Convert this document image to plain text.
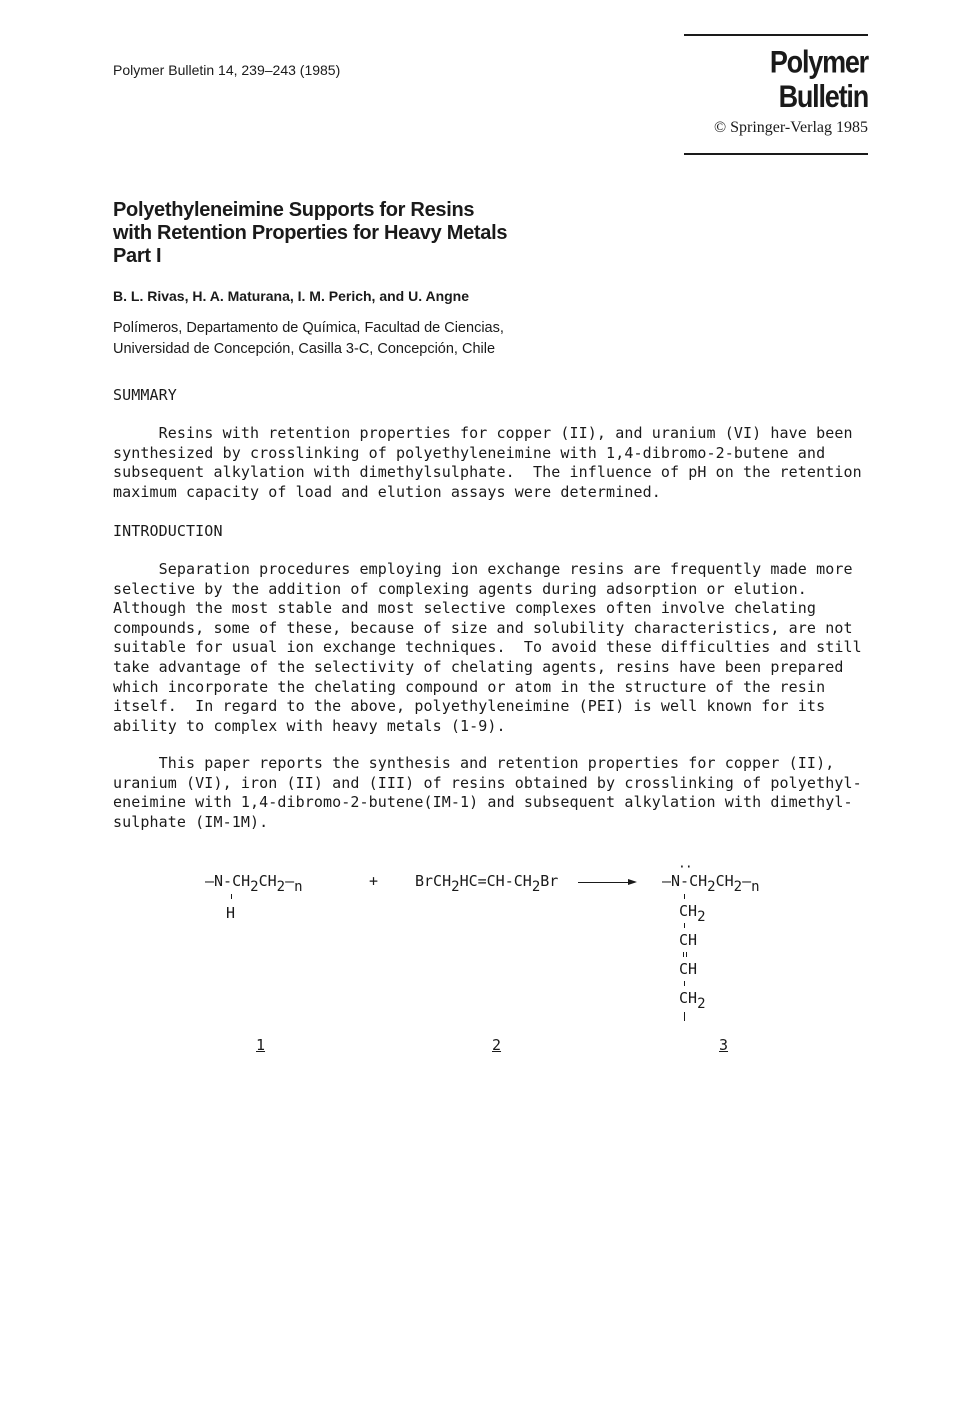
Polymer Bulletin 14, 239–243 (1985)	Polymer Bulletin
© Springer-Verlag 1985
Polyethyleneimine Supports for Resins
with Retention Properties for Heavy Metals
Part I
B. L. Rivas, H. A. Maturana, I. M. Perich, and U. Angne
Polímeros, Departamento de Química, Facultad de Ciencias,
Universidad de Concepción, Casilla 3-C, Concepción, Chile
SUMMARY
Resins with retention properties for copper (II), and uranium (VI) have been
synthesized by crosslinking of polyethyleneimine with 1,4-dibromo-2-butene and
subsequent alkylation with dimethylsulphate.  The influence of pH on the retention
maximum capacity of load and elution assays were determined.
INTRODUCTION
Separation procedures employing ion exchange resins are frequently made more
selective by the addition of complexing agents during adsorption or elution.
Although the most stable and most selective complexes often involve chelating
compounds, some of these, because of size and solubility characteristics, are not
suitable for usual ion exchange techniques.  To avoid these difficulties and still
take advantage of the selectivity of chelating agents, resins have been prepared
which incorporate the chelating compound or atom in the structure of the resin
itself.  In regard to the above, polyethyleneimine (PEI) is well known for its
ability to complex with heavy metals (1-9).
This paper reports the synthesis and retention properties for copper (II),
uranium (VI), iron (II) and (III) of resins obtained by crosslinking of polyethyl-
eneimine with 1,4-dibromo-2-butene(IM-1) and subsequent alkylation with dimethyl-
sulphate (IM-1M).
$—N-CH_2CH_2—_n$
H
+ $BrCH_2HC=CH-CH_2Br$	$—N-CH_2CH_2—_n$
··
$CH_2$
CH
CH
$CH_2$
1	2	3
